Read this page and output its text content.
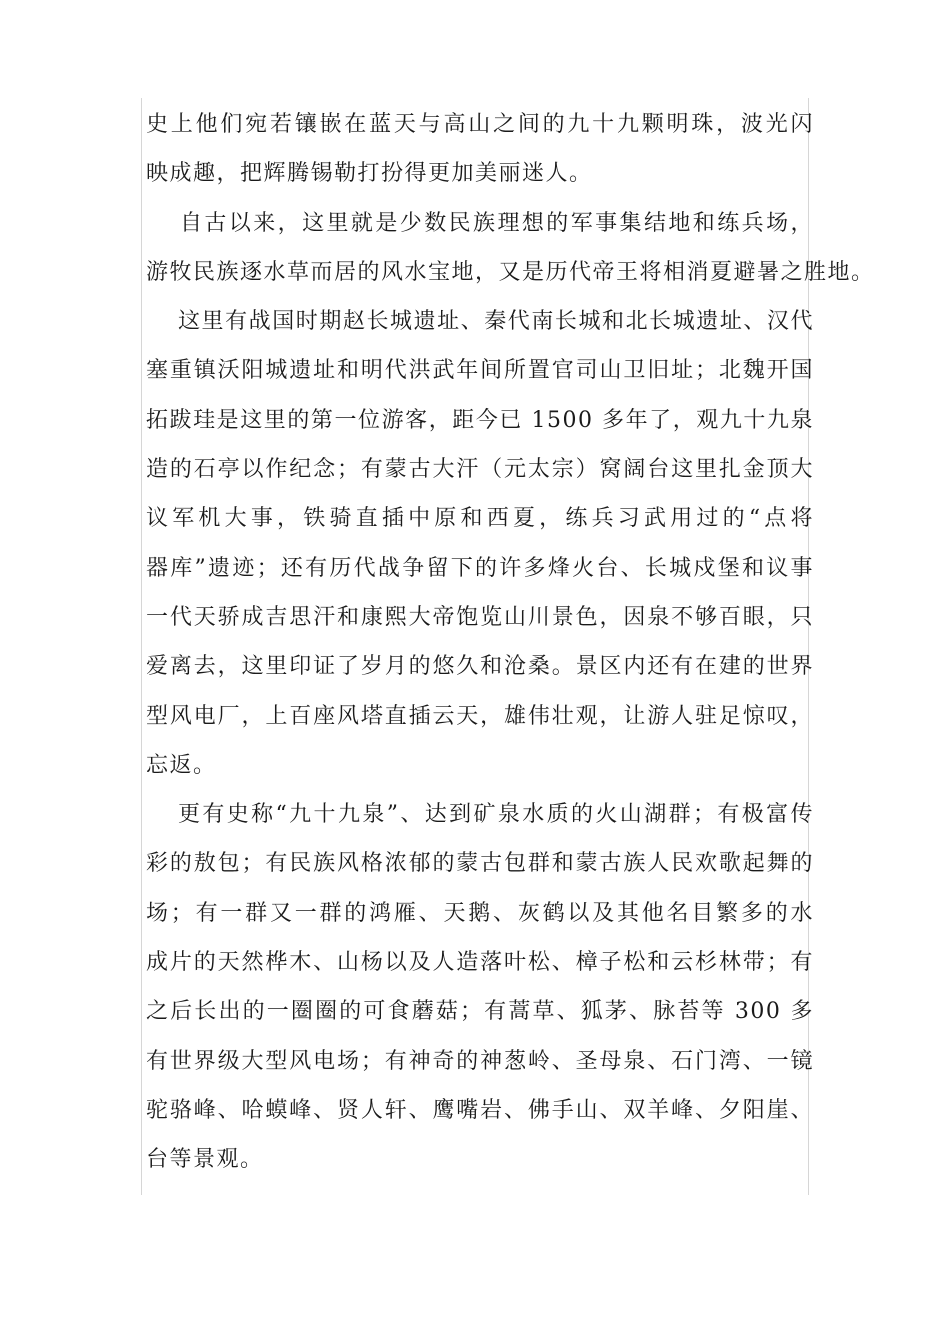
史上他们宛若镶嵌在蓝天与高山之间的九十九颗明珠，波光闪
映成趣，把辉腾锡勒打扮得更加美丽迷人。
自古以来，这里就是少数民族理想的军事集结地和练兵场，
游牧民族逐水草而居的风水宝地，又是历代帝王将相消夏避暑之胜地。
这里有战国时期赵长城遗址、秦代南长城和北长城遗址、汉代
塞重镇沃阳城遗址和明代洪武年间所置官司山卫旧址；北魏开国
拓跋珪是这里的第一位游客，距今已 1500 多年了，观九十九泉
造的石亭以作纪念；有蒙古大汗（元太宗）窝阔台这里扎金顶大
议军机大事，铁骑直插中原和西夏，练兵习武用过的“点将
器库”遗迹；还有历代战争留下的许多烽火台、长城戍堡和议事
一代天骄成吉思汗和康熙大帝饱览山川景色，因泉不够百眼，只
爱离去，这里印证了岁月的悠久和沧桑。景区内还有在建的世界
型风电厂，上百座风塔直插云天，雄伟壮观，让游人驻足惊叹，
忘返。
更有史称“九十九泉”、达到矿泉水质的火山湖群；有极富传
彩的敖包；有民族风格浓郁的蒙古包群和蒙古族人民欢歌起舞的
场；有一群又一群的鸿雁、天鹅、灰鹤以及其他名目繁多的水
成片的天然桦木、山杨以及人造落叶松、樟子松和云杉林带；有
之后长出的一圈圈的可食蘑菇；有蒿草、狐茅、脉苔等 300 多
有世界级大型风电场；有神奇的神葱岭、圣母泉、石门湾、一镜
驼骆峰、哈蟆峰、贤人轩、鹰嘴岩、佛手山、双羊峰、夕阳崖、
台等景观。
